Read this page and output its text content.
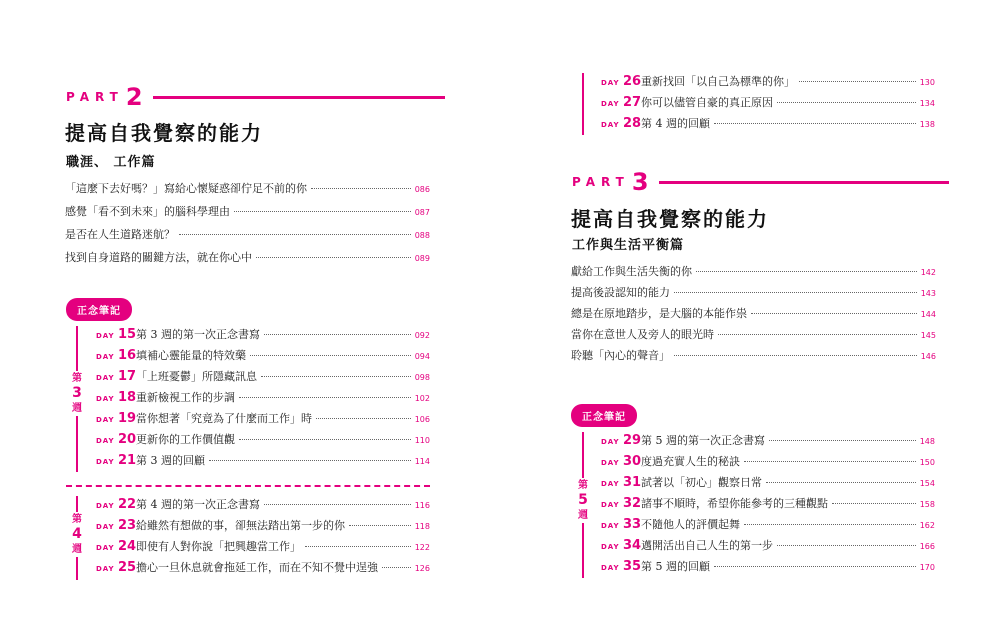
PART 2
提高自我覺察的能力
職涯、 工作篇
「這麼下去好嗎？」寫給心懷疑惑卻佇足不前的你	086
感覺「看不到未來」的腦科學理由	087
是否在人生道路迷航？	088
找到自身道路的關鍵方法，就在你心中	089
正念筆記
第
3
週
DAY 15 第 3 週的第一次正念書寫	092
DAY 16 填補心靈能量的特效藥	094
DAY 17 「上班憂鬱」所隱藏訊息	098
DAY 18 重新檢視工作的步調	102
DAY 19 當你想著「究竟為了什麼而工作」時	106
DAY 20 更新你的工作價值觀	110
DAY 21 第 3 週的回顧	114
第
4
週
DAY 22 第 4 週的第一次正念書寫	116
DAY 23 給雖然有想做的事，卻無法踏出第一步的你	118
DAY 24 即使有人對你說「把興趣當工作」	122
DAY 25 擔心一旦休息就會拖延工作，而在不知不覺中逞強	126
DAY 26 重新找回「以自己為標準的你」	130
DAY 27 你可以儘管自豪的真正原因	134
DAY 28 第 4 週的回顧	138
PART 3
提高自我覺察的能力
工作與生活平衡篇
獻給工作與生活失衡的你	142
提高後設認知的能力	143
總是在原地踏步，是大腦的本能作祟	144
當你在意世人及旁人的眼光時	145
聆聽「內心的聲音」	146
正念筆記
第
5
週
DAY 29 第 5 週的第一次正念書寫	148
DAY 30 度過充實人生的秘訣	150
DAY 31 試著以「初心」觀察日常	154
DAY 32 諸事不順時，希望你能參考的三種觀點	158
DAY 33 不隨他人的評價起舞	162
DAY 34 邁開活出自己人生的第一步	166
DAY 35 第 5 週的回顧	170
